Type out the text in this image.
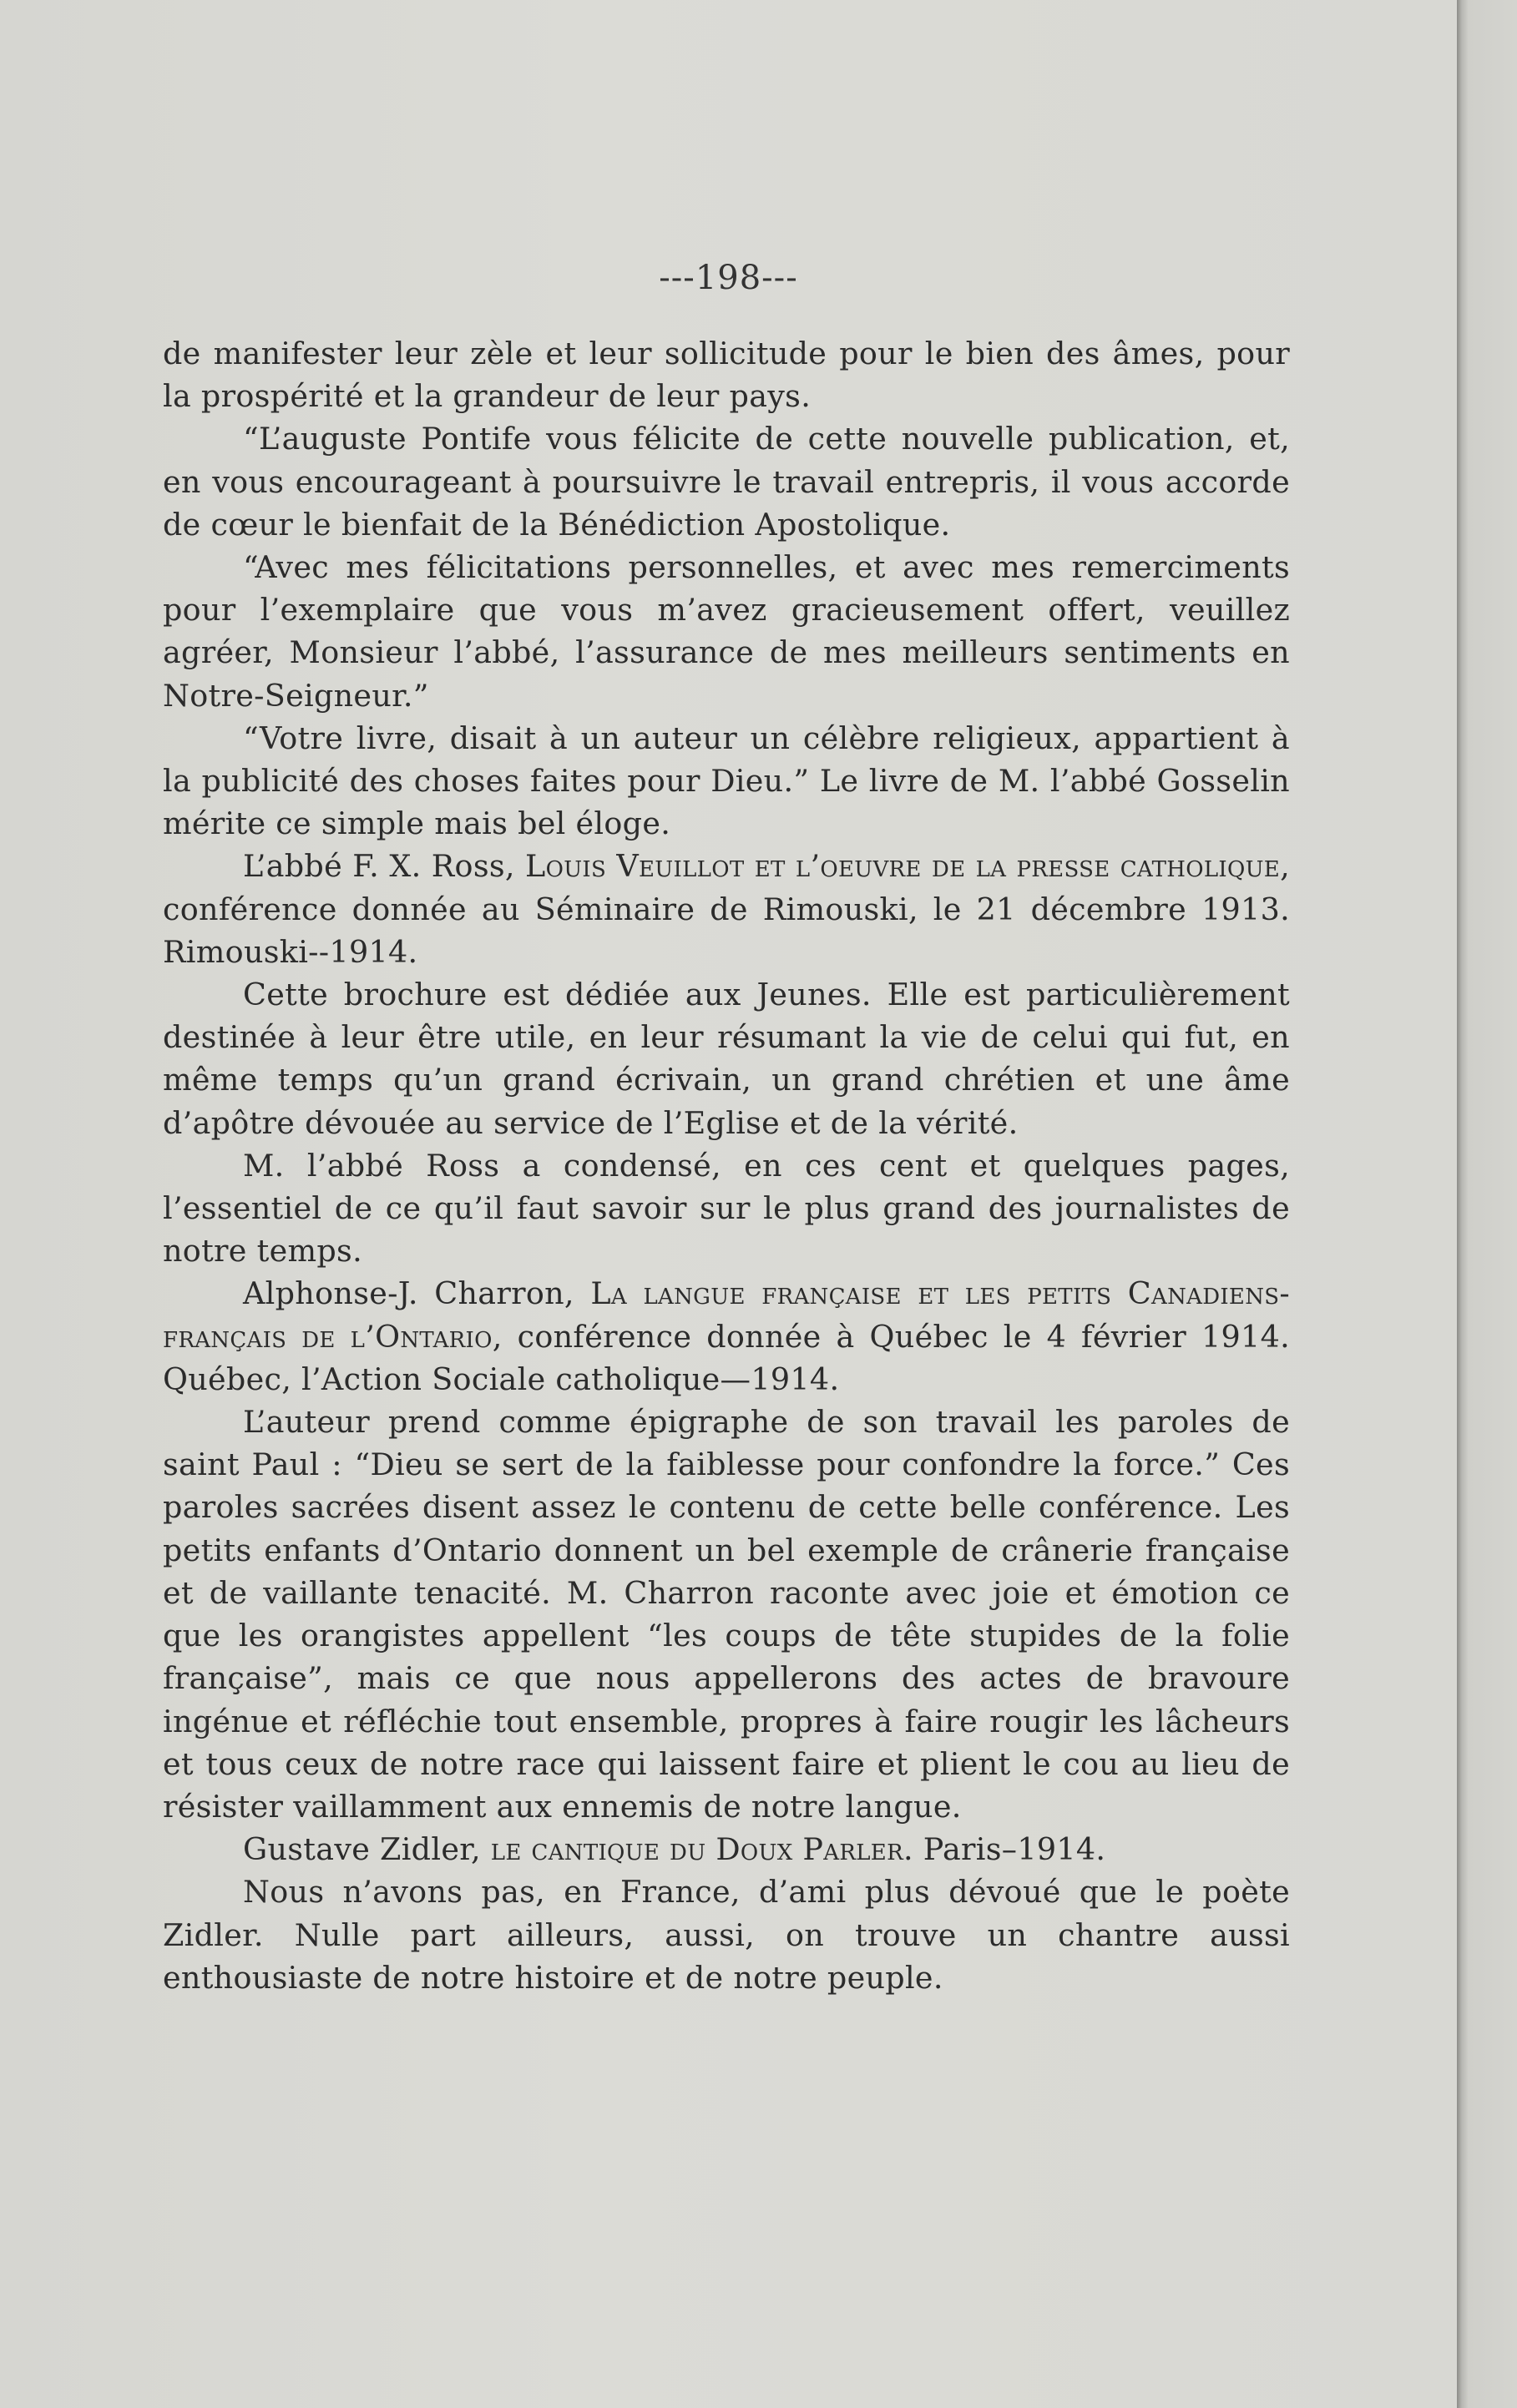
---198---

de manifester leur zèle et leur sollicitude pour le bien des âmes, pour la prospérité et la grandeur de leur pays.

“L’auguste Pontife vous félicite de cette nouvelle publication, et, en vous encourageant à poursuivre le travail entrepris, il vous accorde de cœur le bienfait de la Bénédiction Apostolique.

“Avec mes félicitations personnelles, et avec mes remerciments pour l’exemplaire que vous m’avez gracieusement offert, veuillez agréer, Monsieur l’abbé, l’assurance de mes meilleurs sentiments en Notre-Seigneur.”

“Votre livre, disait à un auteur un célèbre religieux, appartient à la publicité des choses faites pour Dieu.” Le livre de M. l’abbé Gosselin mérite ce simple mais bel éloge.

L’abbé F. X. Ross, Louis Veuillot et l’oeuvre de la presse catholique, conférence donnée au Séminaire de Rimouski, le 21 décembre 1913. Rimouski--1914.

Cette brochure est dédiée aux Jeunes. Elle est particulièrement destinée à leur être utile, en leur résumant la vie de celui qui fut, en même temps qu’un grand écrivain, un grand chrétien et une âme d’apôtre dévouée au service de l’Eglise et de la vérité.

M. l’abbé Ross a condensé, en ces cent et quelques pages, l’essentiel de ce qu’il faut savoir sur le plus grand des journalistes de notre temps.

Alphonse-J. Charron, La langue française et les petits Canadiens-français de l’Ontario, conférence donnée à Québec le 4 février 1914. Québec, l’Action Sociale catholique—1914.

L’auteur prend comme épigraphe de son travail les paroles de saint Paul : “Dieu se sert de la faiblesse pour confondre la force.” Ces paroles sacrées disent assez le contenu de cette belle conférence. Les petits enfants d’Ontario donnent un bel exemple de crânerie française et de vaillante tenacité. M. Charron raconte avec joie et émotion ce que les orangistes appellent “les coups de tête stupides de la folie française”, mais ce que nous appellerons des actes de bravoure ingénue et réfléchie tout ensemble, propres à faire rougir les lâcheurs et tous ceux de notre race qui laissent faire et plient le cou au lieu de résister vaillamment aux ennemis de notre langue.

Gustave Zidler, le cantique du Doux Parler. Paris–1914.

Nous n’avons pas, en France, d’ami plus dévoué que le poète Zidler. Nulle part ailleurs, aussi, on trouve un chantre aussi enthousiaste de notre histoire et de notre peuple.
